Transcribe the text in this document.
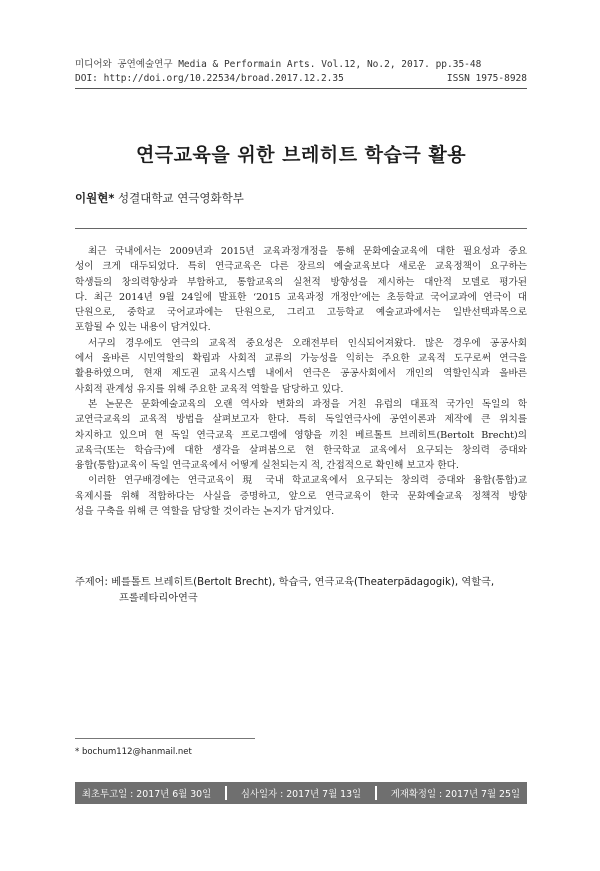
미디어와 공연예술연구 Media & Performain Arts. Vol.12, No.2, 2017. pp.35-48
DOI: http://doi.org/10.22534/broad.2017.12.2.35	ISSN 1975-8928
연극교육을 위한 브레히트 학습극 활용
이원현* 성결대학교 연극영화학부

최근 국내에서는 2009년과 2015년 교육과정개정을 통해 문화예술교육에 대한 필요성과 중요
성이 크게 대두되었다. 특히 연극교육은 다른 장르의 예술교육보다 새로운 교육정책이 요구하는
학생들의 창의력향상과 부합하고, 통합교육의 실천적 방향성을 제시하는 대안적 모델로 평가된
다. 최근 2014년 9월 24일에 발표한 ‘2015 교육과정 개정안’에는 초등학교 국어교과에 연극이 대
단원으로, 중학교 국어교과에는 단원으로, 그리고 고등학교 예술교과에서는 일반선택과목으로
포함될 수 있는 내용이 담겨있다.

서구의 경우에도 연극의 교육적 중요성은 오래전부터 인식되어져왔다. 많은 경우에 공공사회
에서 올바른 시민역할의 확립과 사회적 교류의 가능성을 익히는 주요한 교육적 도구로써 연극을
활용하였으며, 현재 제도권 교육시스템 내에서 연극은 공공사회에서 개인의 역할인식과 올바른
사회적 관계성 유지를 위해 주요한 교육적 역할을 담당하고 있다.

본 논문은 문화예술교육의 오랜 역사와 변화의 과정을 거친 유럽의 대표적 국가인 독일의 학
교연극교육의 교육적 방법을 살펴보고자 한다. 특히 독일연극사에 공연이론과 제작에 큰 위치를
차지하고 있으며 현 독일 연극교육 프로그램에 영향을 끼친 베르톨트 브레히트(Bertolt Brecht)의
교육극(또는 학습극)에 대한 생각을 살펴봄으로 현 한국학교 교육에서 요구되는 창의력 증대와
융합(통합)교육이 독일 연극교육에서 어떻게 실천되는지 적, 간접적으로 확인해 보고자 한다.

이러한 연구배경에는 연극교육이 現 국내 학교교육에서 요구되는 창의력 증대와 융합(통합)교
육제시를 위해 적합하다는 사실을 증명하고, 앞으로 연극교육이 한국 문화예술교육 정책적 방향
성을 구축을 위해 큰 역할을 담당할 것이라는 논지가 담겨있다.

주제어: 베를톨트 브레히트(Bertolt Brecht), 학습극, 연극교육(Theaterpädagogik), 역할극,
프롤레타리아연극
* bochum112@hanmail.net
최초투고일 : 2017년 6월 30일	심사일자 : 2017년 7월 13일	게재확정일 : 2017년 7월 25일
